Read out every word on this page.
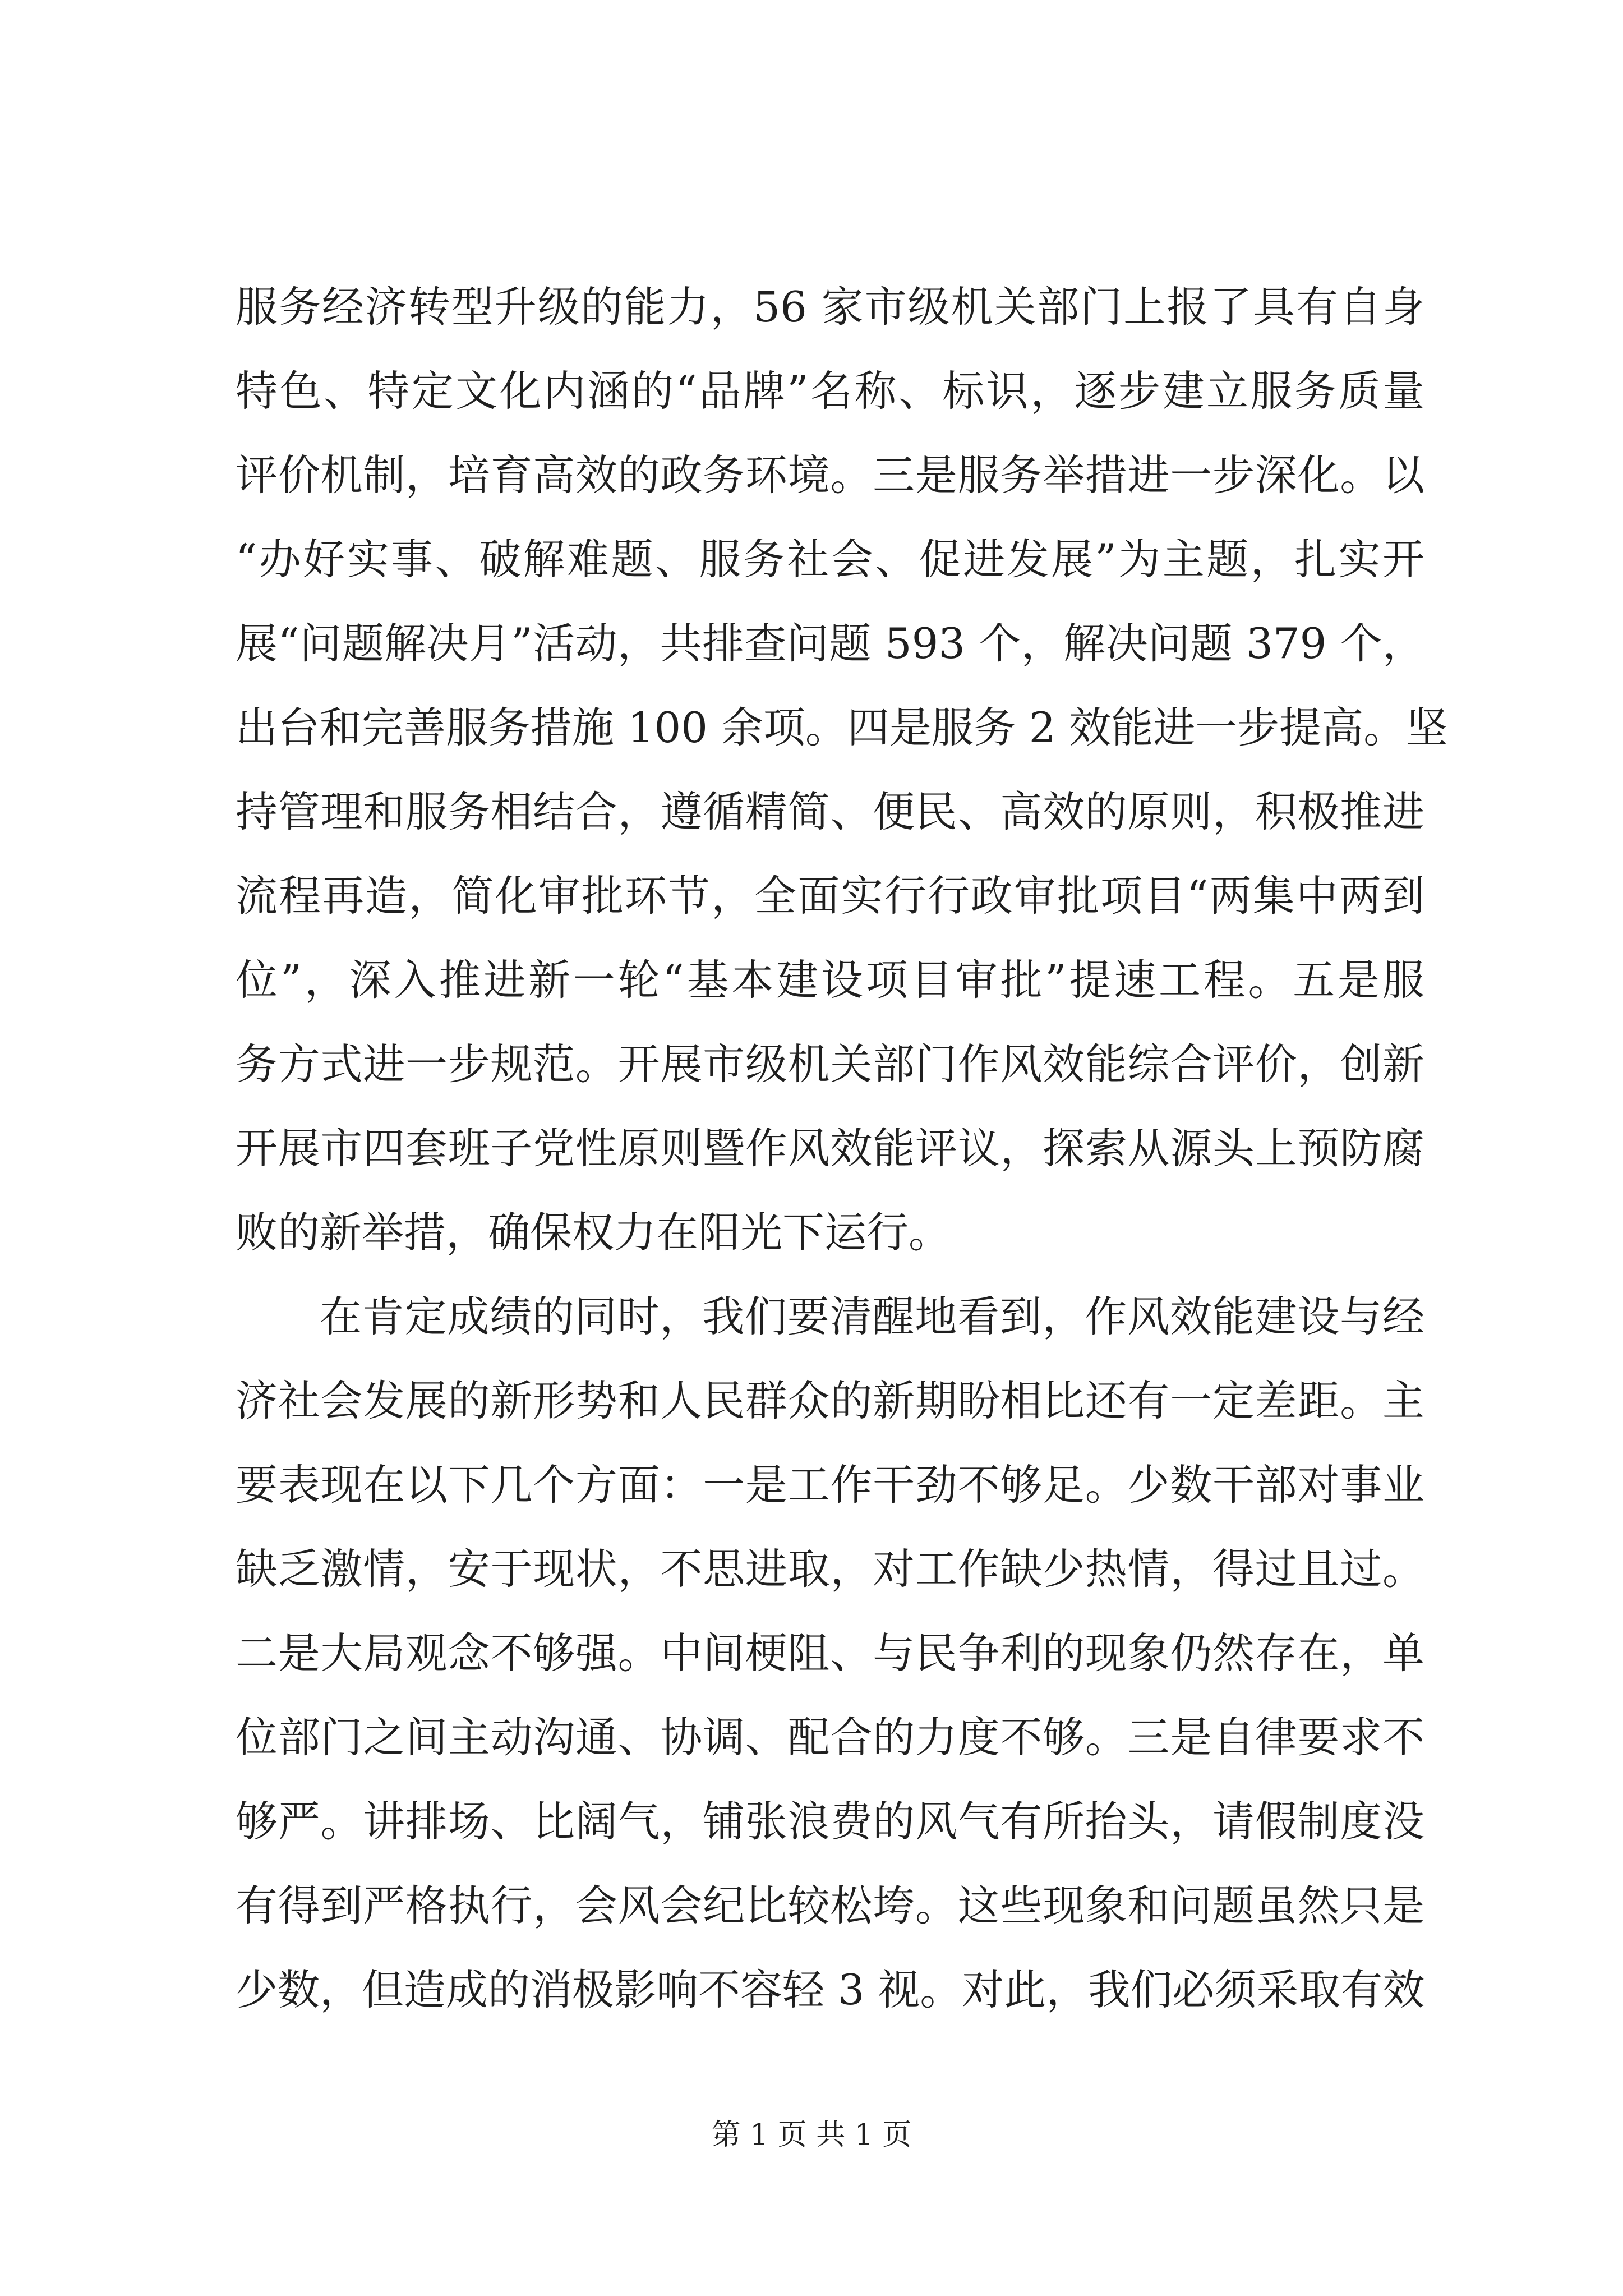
服务经济转型升级的能力，56 家市级机关部门上报了具有自身
特色、特定文化内涵的“品牌”名称、标识，逐步建立服务质量
评价机制，培育高效的政务环境。三是服务举措进一步深化。以
“办好实事、破解难题、服务社会、促进发展”为主题，扎实开
展“问题解决月”活动，共排查问题 593 个，解决问题 379 个，
出台和完善服务措施 100 余项。四是服务 2 效能进一步提高。坚
持管理和服务相结合，遵循精简、便民、高效的原则，积极推进
流程再造，简化审批环节，全面实行行政审批项目“两集中两到
位”，深入推进新一轮“基本建设项目审批”提速工程。五是服
务方式进一步规范。开展市级机关部门作风效能综合评价，创新
开展市四套班子党性原则暨作风效能评议，探索从源头上预防腐
败的新举措，确保权力在阳光下运行。
在肯定成绩的同时，我们要清醒地看到，作风效能建设与经
济社会发展的新形势和人民群众的新期盼相比还有一定差距。主
要表现在以下几个方面：一是工作干劲不够足。少数干部对事业
缺乏激情，安于现状，不思进取，对工作缺少热情，得过且过。
二是大局观念不够强。中间梗阻、与民争利的现象仍然存在，单
位部门之间主动沟通、协调、配合的力度不够。三是自律要求不
够严。讲排场、比阔气，铺张浪费的风气有所抬头，请假制度没
有得到严格执行，会风会纪比较松垮。这些现象和问题虽然只是
少数，但造成的消极影响不容轻 3 视。对此，我们必须采取有效
第 1 页 共 1 页
